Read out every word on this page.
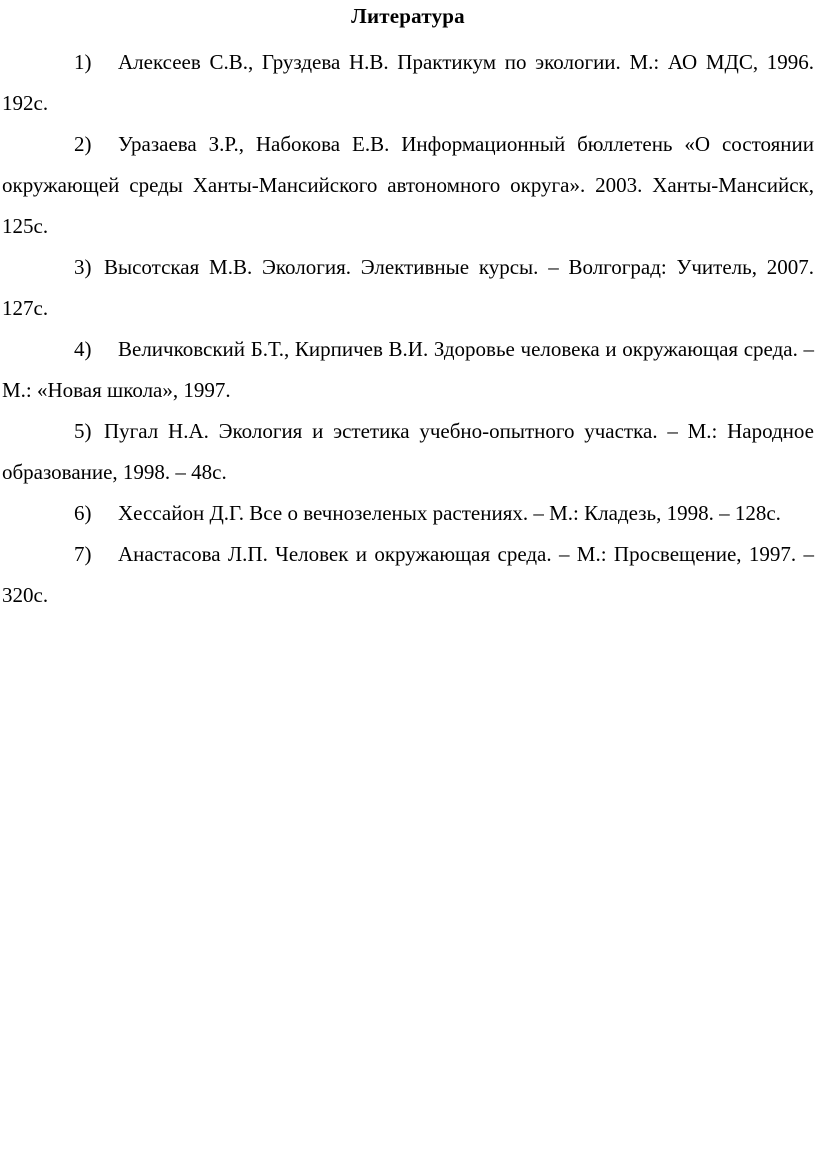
Литература
1) Алексеев С.В., Груздева Н.В. Практикум по экологии. М.: АО МДС, 1996. 192с.
2) Уразаева З.Р., Набокова Е.В. Информационный бюллетень «О состоянии окружающей среды Ханты-Мансийского автономного округа». 2003. Ханты-Мансийск, 125с.
3) Высотская М.В. Экология. Элективные курсы. – Волгоград: Учитель, 2007. 127с.
4) Величковский Б.Т., Кирпичев В.И. Здоровье человека и окружающая среда. – М.: «Новая школа», 1997.
5) Пугал Н.А. Экология и эстетика учебно-опытного участка. – М.: Народное образование, 1998. – 48с.
6) Хессайон Д.Г. Все о вечнозеленых растениях. – М.: Кладезь, 1998. – 128с.
7) Анастасова Л.П. Человек и окружающая среда. – М.: Просвещение, 1997. – 320с.
